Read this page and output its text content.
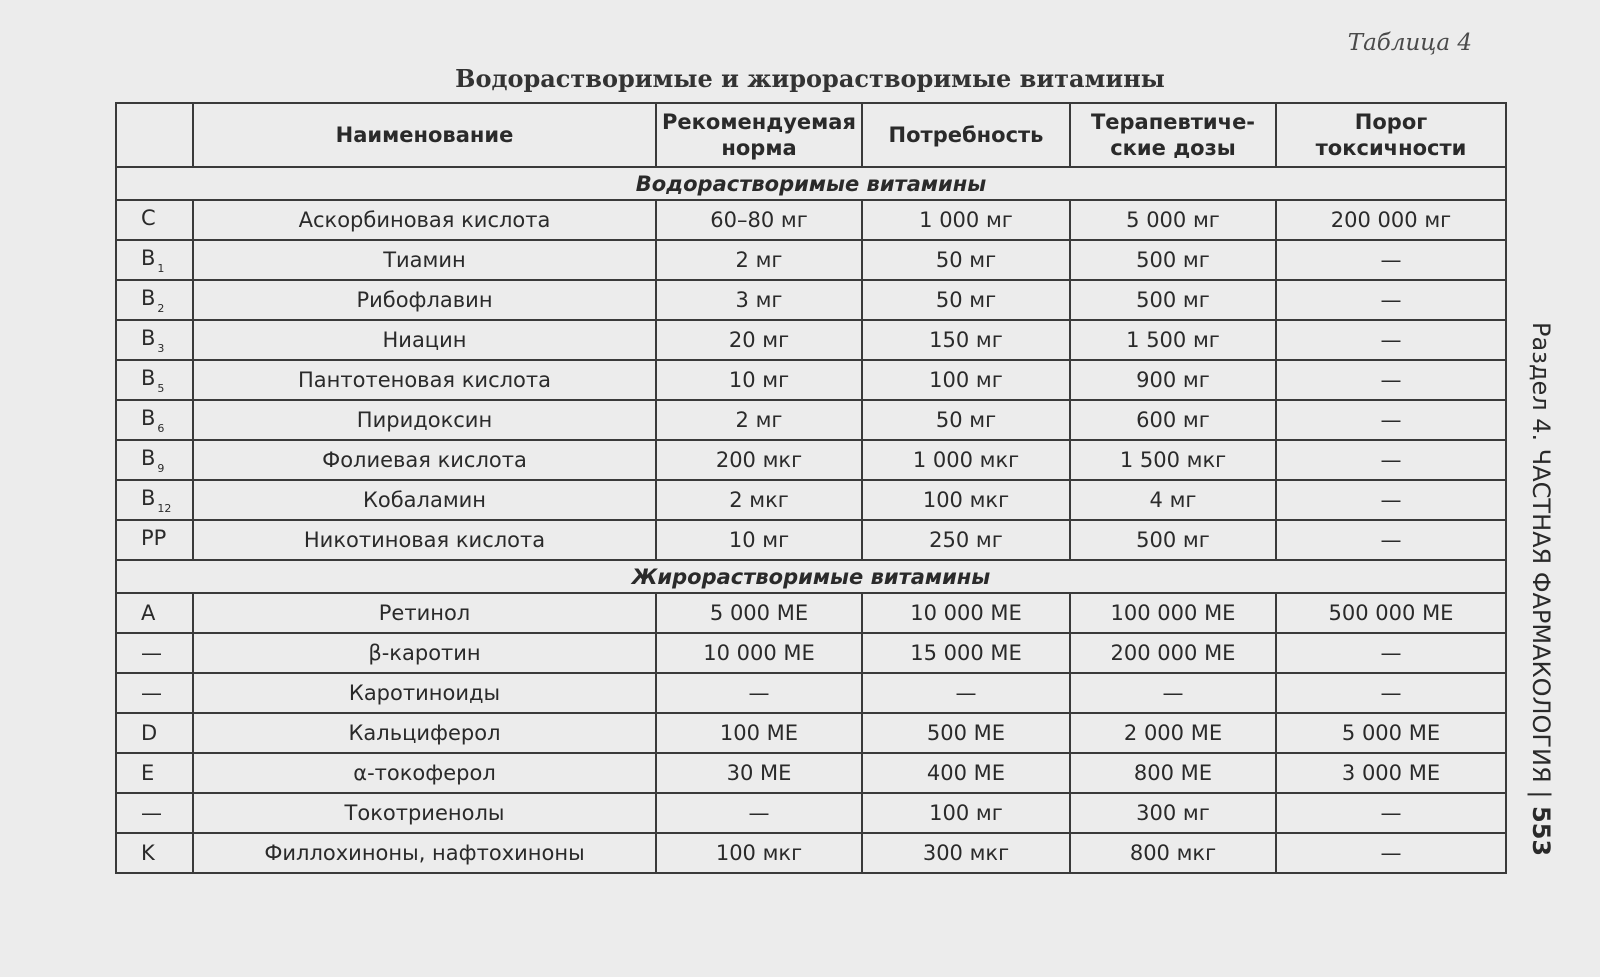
Таблица 4
Водорастворимые и жирорастворимые витамины
	Наименование	Рекомендуемая норма	Потребность	Терапевтиче- ские дозы	Порог токсичности
Водорастворимые витамины					
C	Аскорбиновая кислота	60–80 мг	1 000 мг	5 000 мг	200 000 мг
B $_1$	Тиамин	2 мг	50 мг	500 мг	—
B $_2$	Рибофлавин	3 мг	50 мг	500 мг	—
B $_3$	Ниацин	20 мг	150 мг	1 500 мг	—
B $_5$	Пантотеновая кислота	10 мг	100 мг	900 мг	—
B $_6$	Пиридоксин	2 мг	50 мг	600 мг	—
B $_9$	Фолиевая кислота	200 мкг	1 000 мкг	1 500 мкг	—
B $_{12}$	Кобаламин	2 мкг	100 мкг	4 мг	—
PP	Никотиновая кислота	10 мг	250 мг	500 мг	—
Жирорастворимые витамины					
A	Ретинол	5 000 МЕ	10 000 МЕ	100 000 МЕ	500 000 МЕ
—	β-каротин	10 000 МЕ	15 000 МЕ	200 000 МЕ	—
—	Каротиноиды	—	—	—	—
D	Кальциферол	100 МЕ	500 МЕ	2 000 МЕ	5 000 МЕ
E	α-токоферол	30 МЕ	400 МЕ	800 МЕ	3 000 МЕ
—	Токотриенолы	—	100 мг	300 мг	—
K	Филлохиноны, нафтохиноны	100 мкг	300 мкг	800 мкг	—
Раздел 4. ЧАСТНАЯ ФАРМАКОЛОГИЯ | 553
